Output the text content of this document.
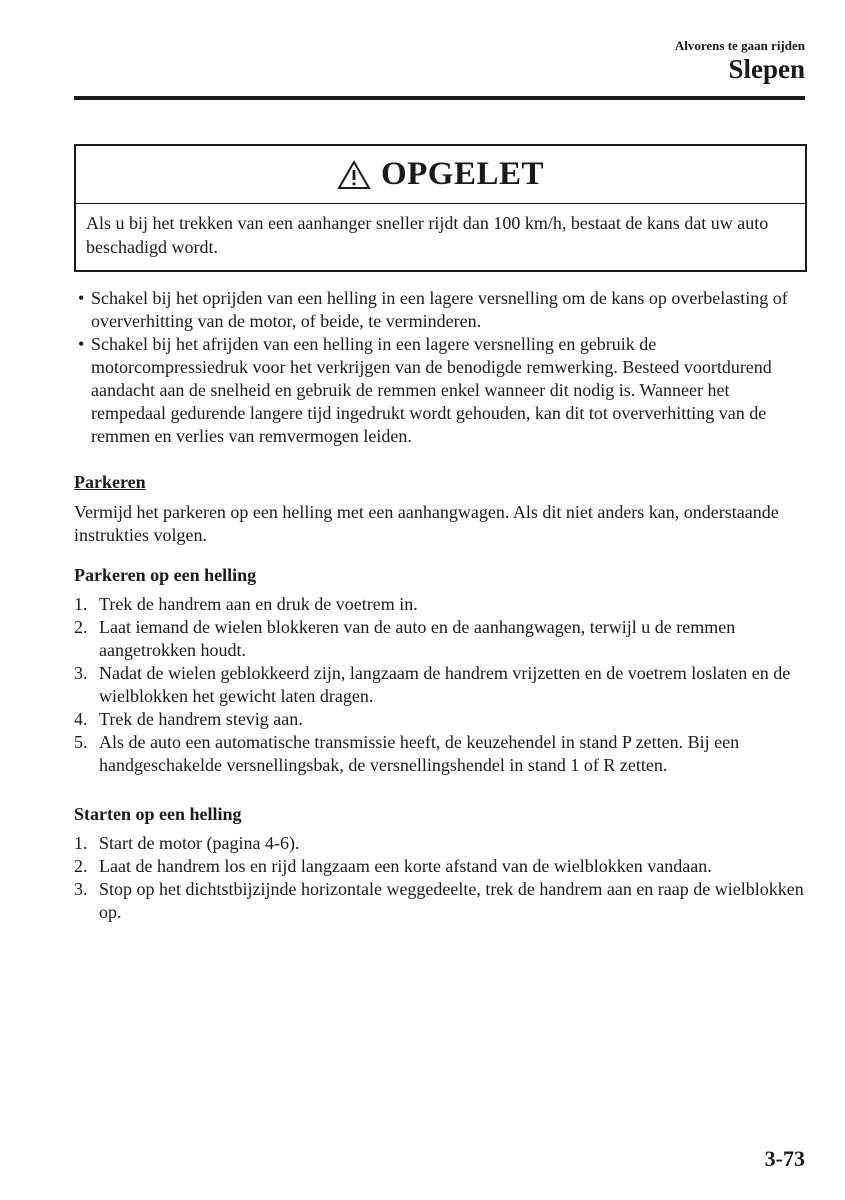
Alvorens te gaan rijden
Slepen
OPGELET
Als u bij het trekken van een aanhanger sneller rijdt dan 100 km/h, bestaat de kans dat uw auto beschadigd wordt.
• Schakel bij het oprijden van een helling in een lagere versnelling om de kans op overbelasting of oververhitting van de motor, of beide, te verminderen.
• Schakel bij het afrijden van een helling in een lagere versnelling en gebruik de motorcompressiedruk voor het verkrijgen van de benodigde remwerking. Besteed voortdurend aandacht aan de snelheid en gebruik de remmen enkel wanneer dit nodig is. Wanneer het rempedaal gedurende langere tijd ingedrukt wordt gehouden, kan dit tot oververhitting van de remmen en verlies van remvermogen leiden.
Parkeren
Vermijd het parkeren op een helling met een aanhangwagen. Als dit niet anders kan, onderstaande instrukties volgen.
Parkeren op een helling
1. Trek de handrem aan en druk de voetrem in.
2. Laat iemand de wielen blokkeren van de auto en de aanhangwagen, terwijl u de remmen aangetrokken houdt.
3. Nadat de wielen geblokkeerd zijn, langzaam de handrem vrijzetten en de voetrem loslaten en de wielblokken het gewicht laten dragen.
4. Trek de handrem stevig aan.
5. Als de auto een automatische transmissie heeft, de keuzehendel in stand P zetten. Bij een handgeschakelde versnellingsbak, de versnellingshendel in stand 1 of R zetten.
Starten op een helling
1. Start de motor (pagina 4-6).
2. Laat de handrem los en rijd langzaam een korte afstand van de wielblokken vandaan.
3. Stop op het dichtstbijzijnde horizontale weggedeelte, trek de handrem aan en raap de wielblokken op.
3-73
